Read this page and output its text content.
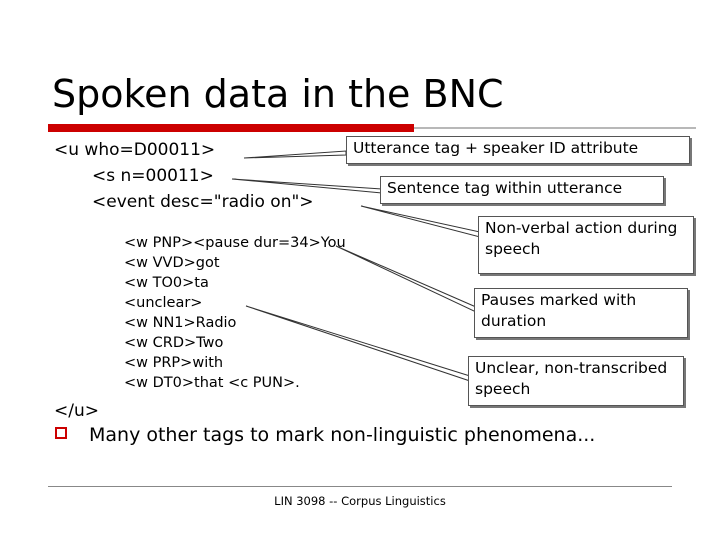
Spoken data in the BNC
<u who=D00011>
<s n=00011>
<event desc="radio on">
<w PNP><pause dur=34>You
<w VVD>got
<w TO0>ta
<unclear>
<w NN1>Radio
<w CRD>Two
<w PRP>with
<w DT0>that <c PUN>.
</u>
Utterance tag + speaker ID attribute
Sentence tag within utterance
Non-verbal action during speech
Pauses marked with duration
Unclear, non-transcribed speech
Many other tags to mark non-linguistic phenomena...
LIN 3098 -- Corpus Linguistics
